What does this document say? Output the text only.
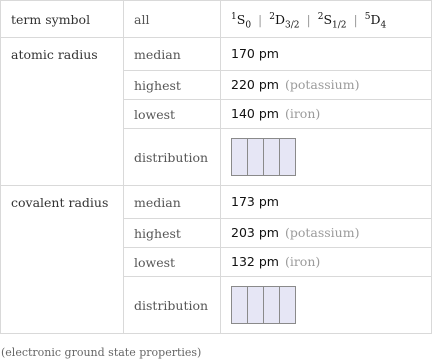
term symbol	all	$^1S_0$ | $^2D_{3/2}$ | $^2S_{1/2}$ | $^5D_4$
atomic radius	median	170 pm
	highest	220 pm (potassium)
	lowest	140 pm (iron)
	distribution	

covalent radius	median	173 pm
	highest	203 pm (potassium)
	lowest	132 pm (iron)
	distribution	
(electronic ground state properties)
